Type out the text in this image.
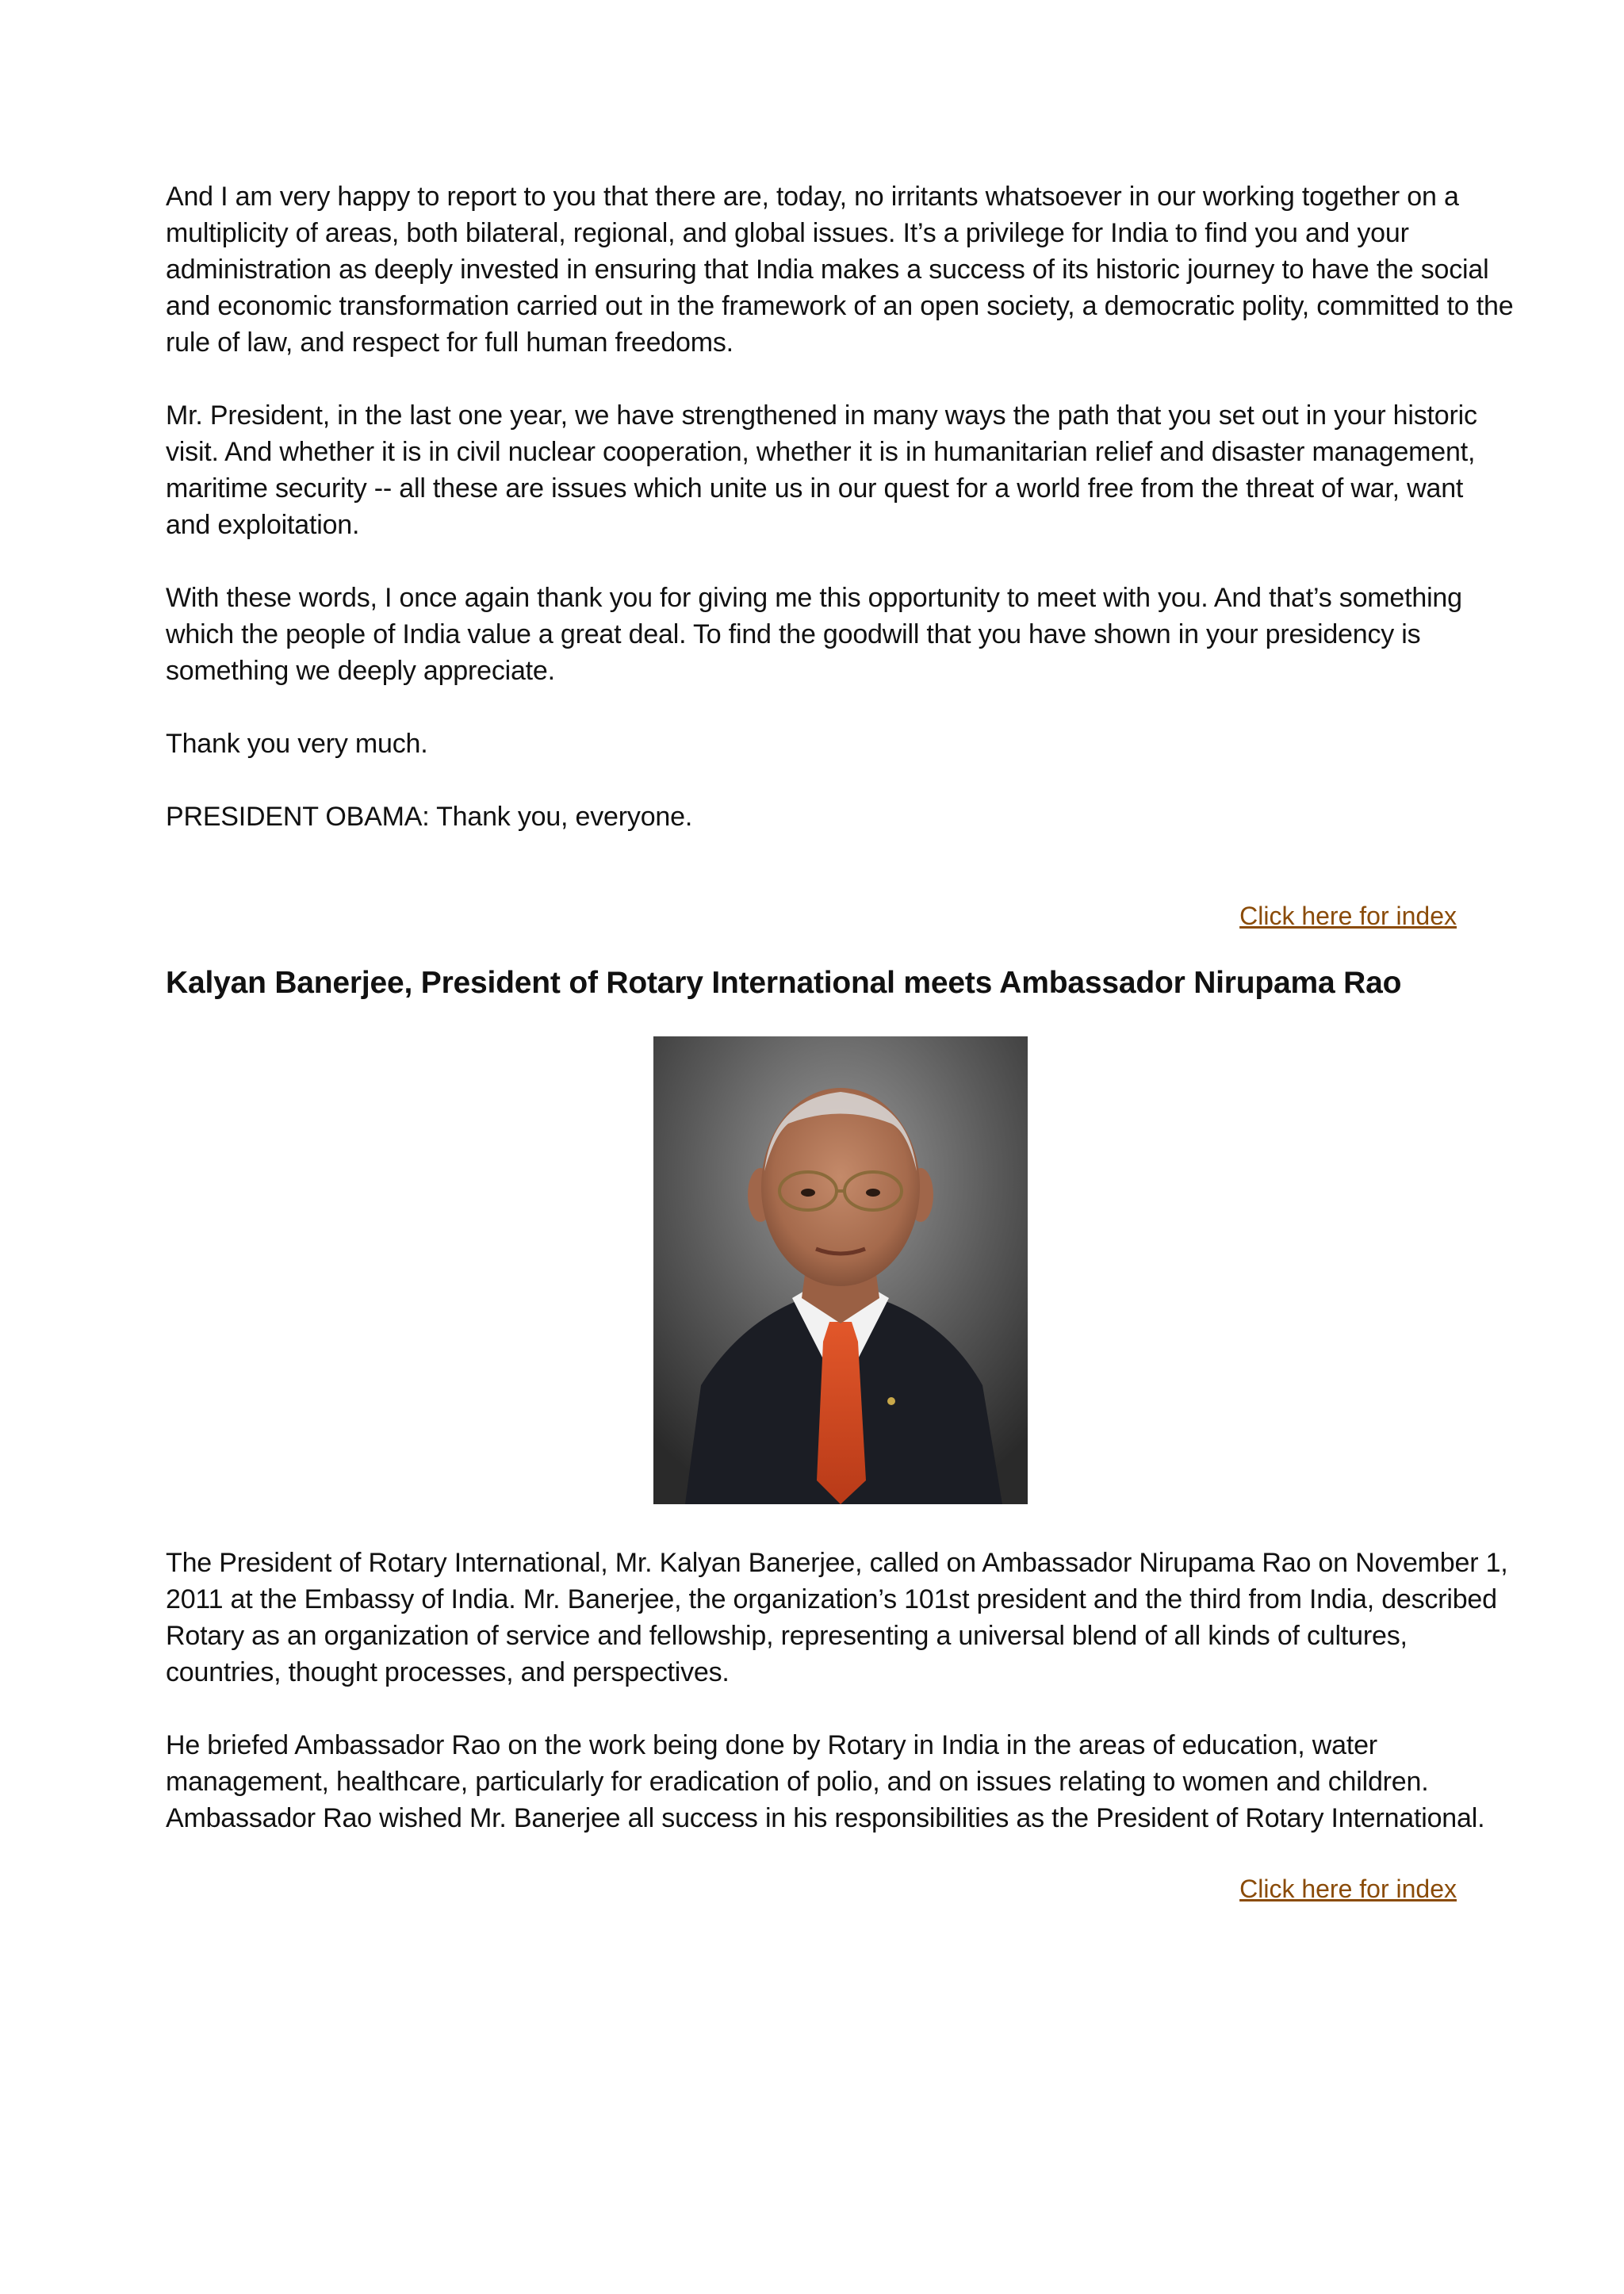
And I am very happy to report to you that there are, today, no irritants whatsoever in our working together on a multiplicity of areas, both bilateral, regional, and global issues. It’s a privilege for India to find you and your administration as deeply invested in ensuring that India makes a success of its historic journey to have the social and economic transformation carried out in the framework of an open society, a democratic polity, committed to the rule of law, and respect for full human freedoms.

Mr. President, in the last one year, we have strengthened in many ways the path that you set out in your historic visit. And whether it is in civil nuclear cooperation, whether it is in humanitarian relief and disaster management, maritime security -- all these are issues which unite us in our quest for a world free from the threat of war, want and exploitation.

With these words, I once again thank you for giving me this opportunity to meet with you. And that’s something which the people of India value a great deal. To find the goodwill that you have shown in your presidency is something we deeply appreciate.

Thank you very much.

PRESIDENT OBAMA: Thank you, everyone.

Click here for index
Kalyan Banerjee, President of Rotary International meets Ambassador Nirupama Rao

The President of Rotary International, Mr. Kalyan Banerjee, called on Ambassador Nirupama Rao on November 1, 2011 at the Embassy of India. Mr. Banerjee, the organization’s 101st president and the third from India, described Rotary as an organization of service and fellowship, representing a universal blend of all kinds of cultures, countries, thought processes, and perspectives.

He briefed Ambassador Rao on the work being done by Rotary in India in the areas of education, water management, healthcare, particularly for eradication of polio, and on issues relating to women and children. Ambassador Rao wished Mr. Banerjee all success in his responsibilities as the President of Rotary International.

Click here for index
